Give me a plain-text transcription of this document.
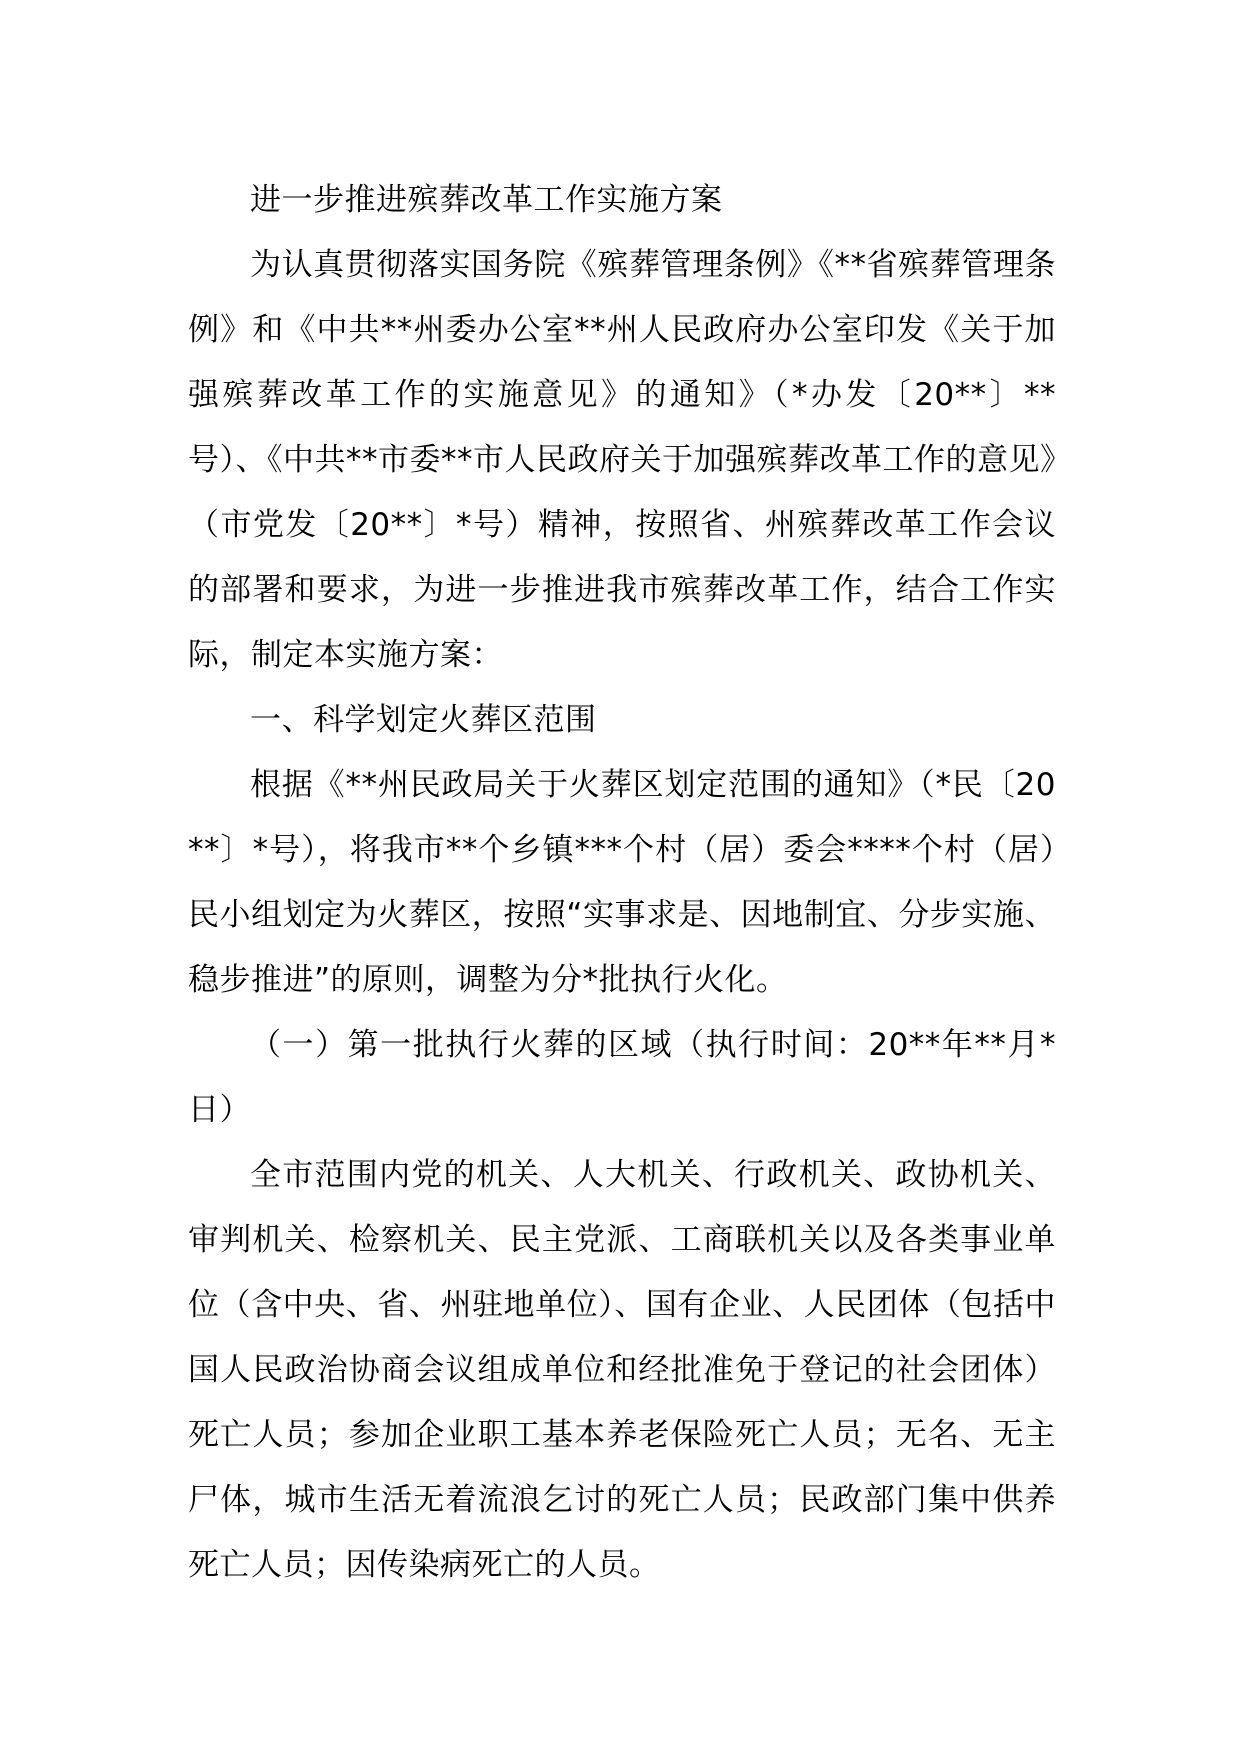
进一步推进殡葬改革工作实施方案

为认真贯彻落实国务院《殡葬管理条例》《**省殡葬管理条例》和《中共**州委办公室**州人民政府办公室印发《关于加强殡葬改革工作的实施意见》的通知》（*办发〔20**〕**号）、《中共**市委**市人民政府关于加强殡葬改革工作的意见》（市党发〔20**〕*号）精神，按照省、州殡葬改革工作会议的部署和要求，为进一步推进我市殡葬改革工作，结合工作实际，制定本实施方案：

一、科学划定火葬区范围

根据《**州民政局关于火葬区划定范围的通知》（*民〔20**〕*号），将我市**个乡镇***个村（居）委会****个村（居）民小组划定为火葬区，按照“实事求是、因地制宜、分步实施、稳步推进”的原则，调整为分*批执行火化。

（一）第一批执行火葬的区域（执行时间：20**年**月*日）

全市范围内党的机关、人大机关、行政机关、政协机关、审判机关、检察机关、民主党派、工商联机关以及各类事业单位（含中央、省、州驻地单位）、国有企业、人民团体（包括中国人民政治协商会议组成单位和经批准免于登记的社会团体）死亡人员；参加企业职工基本养老保险死亡人员；无名、无主尸体，城市生活无着流浪乞讨的死亡人员；民政部门集中供养死亡人员；因传染病死亡的人员。
